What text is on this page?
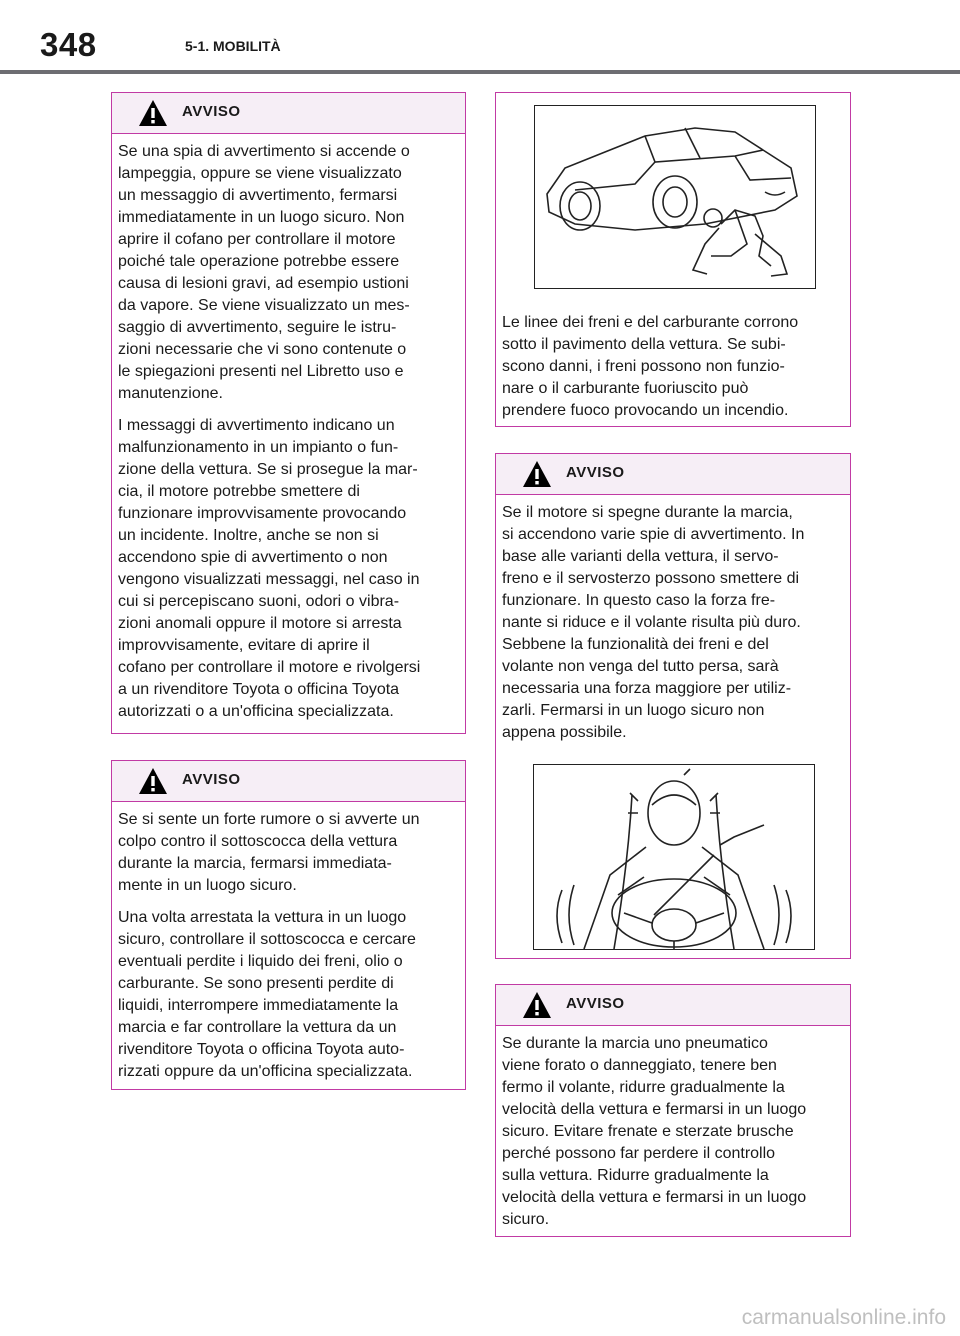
348	5-1. MOBILITÀ
AVVISO

Se una spia di avvertimento si accende o
lampeggia, oppure se viene visualizzato
un messaggio di avvertimento, fermarsi
immediatamente in un luogo sicuro. Non
aprire il cofano per controllare il motore
poiché tale operazione potrebbe essere
causa di lesioni gravi, ad esempio ustioni
da vapore. Se viene visualizzato un mes-
saggio di avvertimento, seguire le istru-
zioni necessarie che vi sono contenute o
le spiegazioni presenti nel Libretto uso e
manutenzione.

I messaggi di avvertimento indicano un
malfunzionamento in un impianto o fun-
zione della vettura. Se si prosegue la mar-
cia, il motore potrebbe smettere di
funzionare improvvisamente provocando
un incidente. Inoltre, anche se non si
accendono spie di avvertimento o non
vengono visualizzati messaggi, nel caso in
cui si percepiscano suoni, odori o vibra-
zioni anomali oppure il motore si arresta
improvvisamente, evitare di aprire il
cofano per controllare il motore e rivolgersi
a un rivenditore Toyota o officina Toyota
autorizzati o a un'officina specializzata.

AVVISO

Se si sente un forte rumore o si avverte un
colpo contro il sottoscocca della vettura
durante la marcia, fermarsi immediata-
mente in un luogo sicuro.

Una volta arrestata la vettura in un luogo
sicuro, controllare il sottoscocca e cercare
eventuali perdite i liquido dei freni, olio o
carburante. Se sono presenti perdite di
liquidi, interrompere immediatamente la
marcia e far controllare la vettura da un
rivenditore Toyota o officina Toyota auto-
rizzati oppure da un'officina specializzata.

Le linee dei freni e del carburante corrono
sotto il pavimento della vettura. Se subi-
scono danni, i freni possono non funzio-
nare o il carburante fuoriuscito può
prendere fuoco provocando un incendio.

AVVISO

Se il motore si spegne durante la marcia,
si accendono varie spie di avvertimento. In
base alle varianti della vettura, il servo-
freno e il servosterzo possono smettere di
funzionare. In questo caso la forza fre-
nante si riduce e il volante risulta più duro.
Sebbene la funzionalità dei freni e del
volante non venga del tutto persa, sarà
necessaria una forza maggiore per utiliz-
zarli. Fermarsi in un luogo sicuro non
appena possibile.

AVVISO

Se durante la marcia uno pneumatico
viene forato o danneggiato, tenere ben
fermo il volante, ridurre gradualmente la
velocità della vettura e fermarsi in un luogo
sicuro. Evitare frenate e sterzate brusche
perché possono far perdere il controllo
sulla vettura. Ridurre gradualmente la
velocità della vettura e fermarsi in un luogo
sicuro.

carmanualsonline.info
